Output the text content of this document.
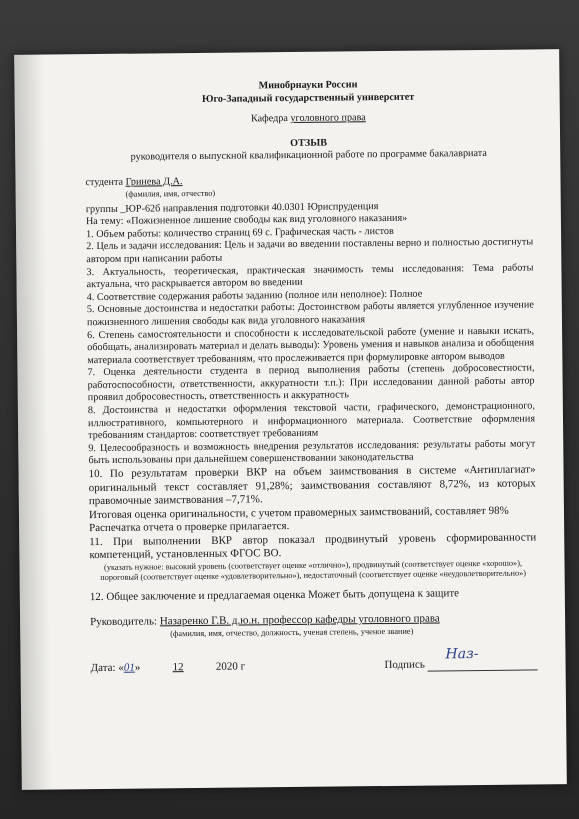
Минобрнауки России
Юго-Западный государственный университет
Кафедра уголовного права
ОТЗЫВ
руководителя о выпускной квалификационной работе по программе бакалавриата
студента Гринева Д.А.
(фамилия, имя, отчество)
группы _ЮР-62б направления подготовки 40.0301 Юриспруденция
На тему: «Пожизненное лишение свободы как вид уголовного наказания»
1. Объем работы: количество страниц 69 с. Графическая часть - листов
2. Цель и задачи исследования: Цель и задачи во введении поставлены верно и полностью достигнуты автором при написании работы
3. Актуальность, теоретическая, практическая значимость темы исследования: Тема работы актуальна, что раскрывается автором во введении
4. Соответствие содержания работы заданию (полное или неполное): Полное
5. Основные достоинства и недостатки работы: Достоинством работы является углубленное изучение пожизненного лишения свободы как вида уголовного наказания
6. Степень самостоятельности и способности к исследовательской работе (умение и навыки искать, обобщать, анализировать материал и делать выводы): Уровень умения и навыков анализа и обобщения материала соответствует требованиям, что прослеживается при формулировке автором выводов
7. Оценка деятельности студента в период выполнения работы (степень добросовестности, работоспособности, ответственности, аккуратности т.п.): При исследовании данной работы автор проявил добросовестность, ответственность и аккуратность
8. Достоинства и недостатки оформления текстовой части, графического, демонстрационного, иллюстративного, компьютерного и информационного материала. Соответствие оформления требованиям стандартов: соответствует требованиям
9. Целесообразность и возможность внедрения результатов исследования: результаты работы могут быть использованы при дальнейшем совершенствовании законодательства
10. По результатам проверки ВКР на объем заимствования в системе «Антиплагиат» оригинальный текст составляет 91,28%; заимствования составляют 8,72%, из которых правомочные заимствования –7,71%.
Итоговая оценка оригинальности, с учетом правомерных заимствований, составляет 98%
Распечатка отчета о проверке прилагается.
11. При выполнении ВКР автор показал продвинутый уровень сформированности компетенций, установленных ФГОС ВО.
(указать нужное: высокий уровень (соответствует оценке «отлично»), продвинутый (соответствует оценке «хорошо»), пороговый (соответствует оценке «удовлетворительно»), недостаточный (соответствует оценке «неудовлетворительно»)
12. Общее заключение и предлагаемая оценка Может быть допущена к защите
Руководитель: Назаренко Г.В. д.ю.н. профессор кафедры уголовного права
(фамилия, имя, отчество, должность, ученая степень, ученое звание)
Дата: «01»	12	2020 г	Подпись
Наз-
